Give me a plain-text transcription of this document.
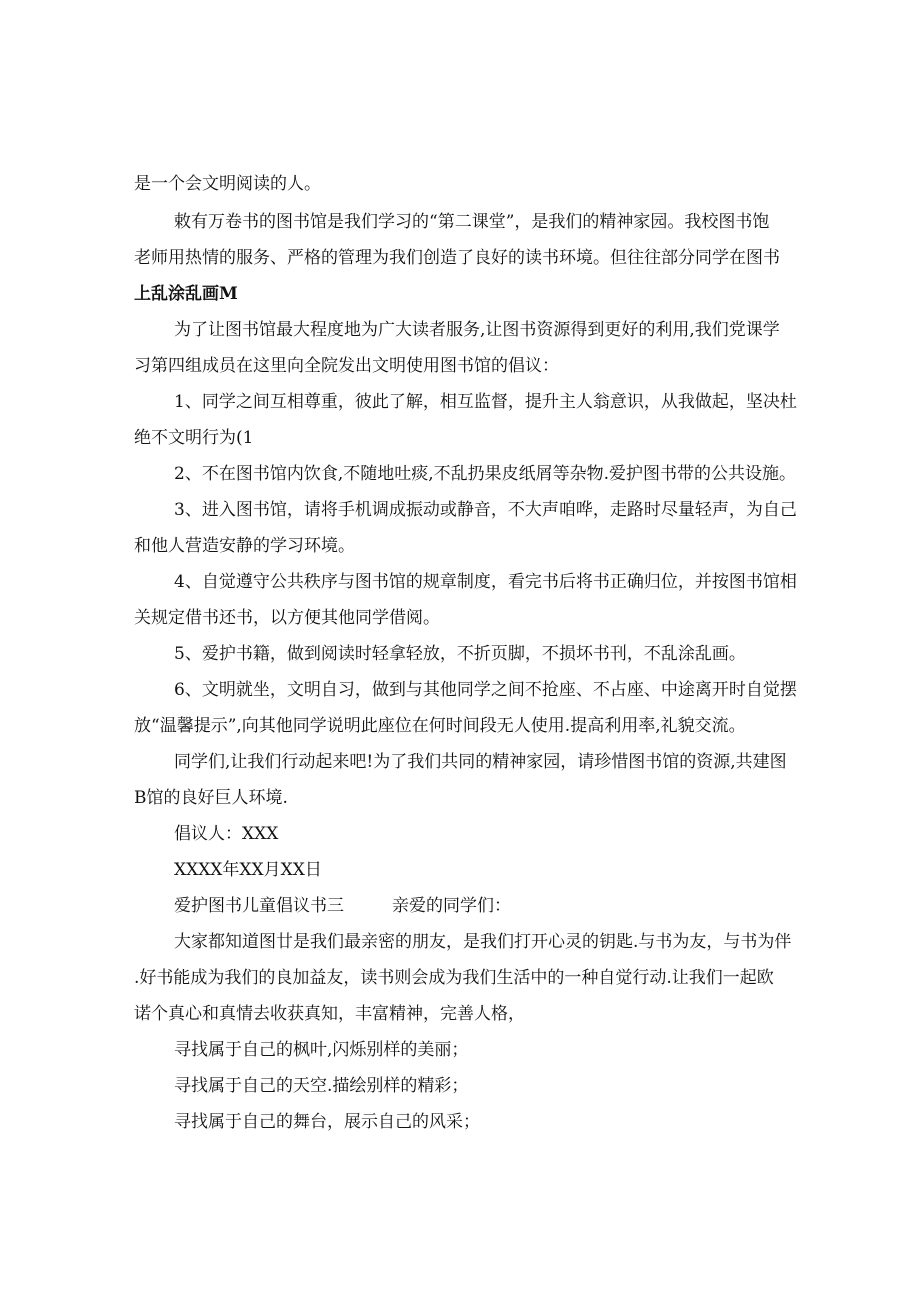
是一个会文明阅读的人。
敕有万卷书的图书馆是我们学习的“第二课堂”，是我们的精神家园。我校图书饱
老师用热情的服务、严格的管理为我们创造了良好的读书环境。但往往部分同学在图书
上乱涂乱画M
为了让图书馆最大程度地为广大读者服务,让图书资源得到更好的利用,我们党课学
习第四组成员在这里向全院发出文明使用图书馆的倡议：
1、同学之间互相尊重，彼此了解，相互监督，提升主人翁意识，从我做起，坚决杜
绝不文明行为(1
2、不在图书馆内饮食,不随地吐痰,不乱扔果皮纸屑等杂物.爱护图书带的公共设施。
3、进入图书馆，请将手机调成振动或静音，不大声咱哗，走路时尽量轻声，为自己
和他人营造安静的学习环境。
4、自觉遵守公共秩序与图书馆的规章制度，看完书后将书正确归位，并按图书馆相
关规定借书还书，以方便其他同学借阅。
5、爱护书籍，做到阅读时轻拿轻放，不折页脚，不损坏书刊，不乱涂乱画。
6、文明就坐，文明自习，做到与其他同学之间不抢座、不占座、中途离开时自觉摆
放“温馨提示”,向其他同学说明此座位在何时间段无人使用.提高利用率,礼貌交流。
同学们,让我们行动起来吧!为了我们共同的精神家园，请珍惜图书馆的资源,共建图
B馆的良好巨人环境.
倡议人：XXX
XXXX年XX月XX日
爱护图书儿童倡议书三	亲爱的同学们：
大家都知道图廿是我们最亲密的朋友，是我们打开心灵的钥匙.与书为友，与书为伴
.好书能成为我们的良加益友，读书则会成为我们生活中的一种自觉行动.让我们一起欧
诺个真心和真情去收获真知，丰富精神，完善人格，
寻找属于自己的枫叶,闪烁别样的美丽；
寻找属于自己的天空.描绘别样的精彩；
寻找属于自己的舞台，展示自己的风采；
